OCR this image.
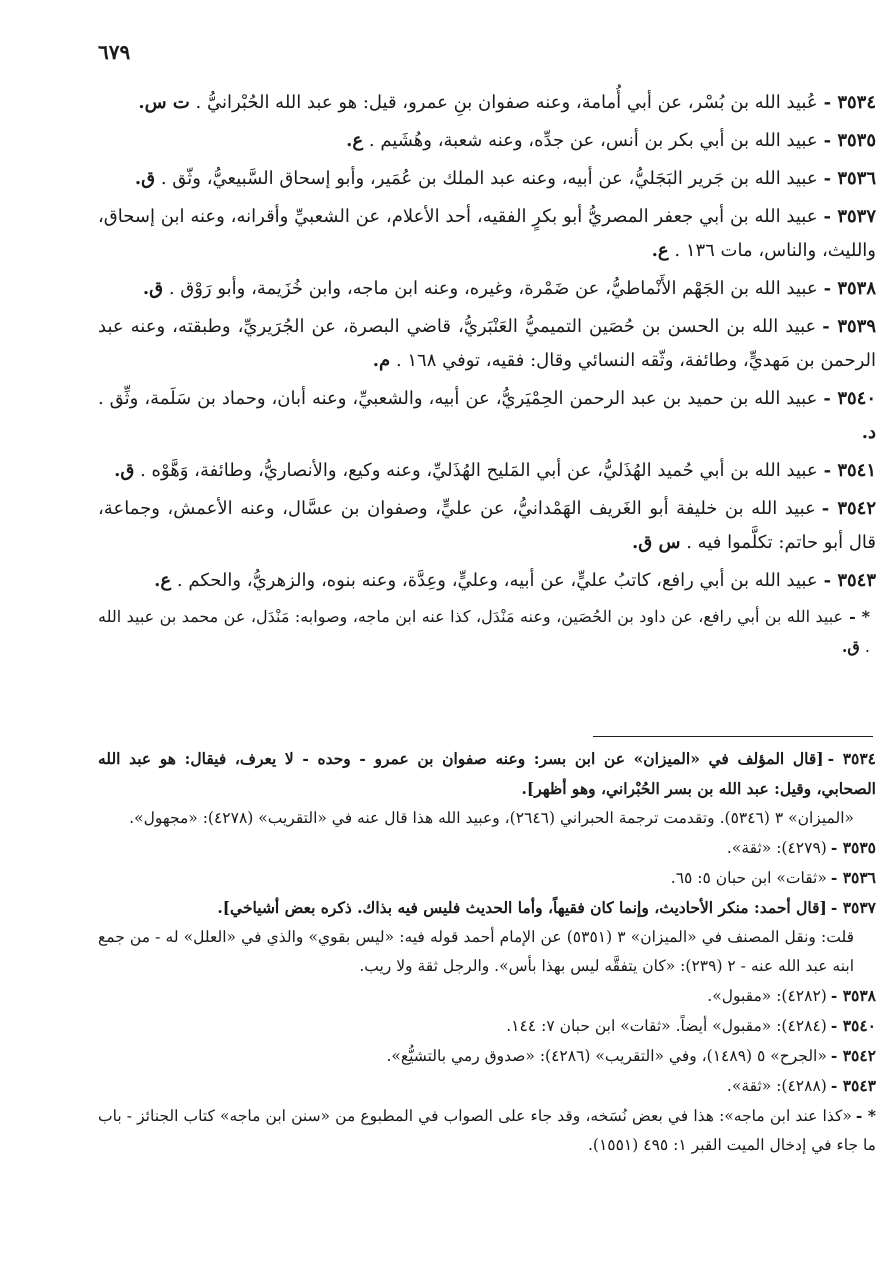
٦٧٩
٣٥٣٤ -عُبيد الله بن بُسْر، عن أبي أُمامة، وعنه صفوان بنِ عمرو، قيل: هو عبد الله الحُبْرانيُّ . ت س.
٣٥٣٥ -عبيد الله بن أبي بكر بن أنس، عن جدِّه، وعنه شعبة، وهُشَيم . ع.
٣٥٣٦ -عبيد الله بن جَرير البَجَليُّ، عن أبيه، وعنه عبد الملك بن عُمَير، وأبو إسحاق السَّبيعيُّ، وثّق . ق.
٣٥٣٧ -عبيد الله بن أبي جعفر المصريُّ أبو بكرٍ الفقيه، أحد الأعلام، عن الشعبيِّ وأقرانه، وعنه ابن إسحاق، والليث، والناس، مات ١٣٦ . ع.
٣٥٣٨ -عبيد الله بن الجَهْم الأَنْماطيُّ، عن ضَمْرة، وغيره، وعنه ابن ماجه، وابن خُزَيمة، وأبو رَوْق . ق.
٣٥٣٩ -عبيد الله بن الحسن بن حُصَين التميميُّ العَنْبَريُّ، قاضي البصرة، عن الجُرَيريِّ، وطبقته، وعنه عبد الرحمن بن مَهديٍّ، وطائفة، وثّقه النسائي وقال: فقيه، توفي ١٦٨ . م.
٣٥٤٠ -عبيد الله بن حميد بن عبد الرحمن الحِمْيَريُّ، عن أبيه، والشعبيِّ، وعنه أبان، وحماد بن سَلَمة، وثِّق . د.
٣٥٤١ -عبيد الله بن أبي حُميد الهُذَليُّ، عن أبي المَليح الهُذَليِّ، وعنه وكيع، والأنصاريُّ، وطائفة، وَهَّوْه . ق.
٣٥٤٢ -عبيد الله بن خليفة أبو الغَريف الهَمْدانيُّ، عن عليٍّ، وصفوان بن عسَّال، وعنه الأعمش، وجماعة، قال أبو حاتم: تكلَّموا فيه . س ق.
٣٥٤٣ -عبيد الله بن أبي رافع، كاتبُ عليٍّ، عن أبيه، وعليٍّ، وعِدَّة، وعنه بنوه، والزهريُّ، والحكم . ع.
* -عبيد الله بن أبي رافع، عن داود بن الحُصَين، وعنه مَنْدَل، كذا عنه ابن ماجه، وصوابه: مَنْدَل، عن محمد بن عبيد الله . ق.
٣٥٣٤ -[قال المؤلف في «الميزان» عن ابن بسر: وعنه صفوان بن عمرو - وحده - لا يعرف، فيقال: هو عبد الله الصحابي، وقيل: عبد الله بن بسر الحُبْراني، وهو أظهر].
«الميزان» ٣ (٥٣٤٦). وتقدمت ترجمة الحبراني (٢٦٤٦)، وعبيد الله هذا قال عنه في «التقريب» (٤٢٧٨): «مجهول».
٣٥٣٥ -(٤٢٧٩): «ثقة».
٣٥٣٦ -«ثقات» ابن حبان ٥: ٦٥.
٣٥٣٧ -[قال أحمد: منكر الأحاديث، وإنما كان فقيهاً، وأما الحديث فليس فيه بذاك. ذكره بعض أشياخي].
قلت: ونقل المصنف في «الميزان» ٣ (٥٣٥١) عن الإمام أحمد قوله فيه: «ليس بقوي» والذي في «العلل» له - من جمع ابنه عبد الله عنه - ٢ (٢٣٩): «كان يتفقَّه ليس بهذا بأس». والرجل ثقة ولا ريب.
٣٥٣٨ -(٤٢٨٢): «مقبول».
٣٥٤٠ -(٤٢٨٤): «مقبول» أيضاً. «ثقات» ابن حبان ٧: ١٤٤.
٣٥٤٢ -«الجرح» ٥ (١٤٨٩)، وفي «التقريب» (٤٢٨٦): «صدوق رمي بالتشيُّع».
٣٥٤٣ -(٤٢٨٨): «ثقة».
* -«كذا عند ابن ماجه»: هذا في بعض نُسَخه، وقد جاء على الصواب في المطبوع من «سنن ابن ماجه» كتاب الجنائز - باب ما جاء في إدخال الميت القبر ١: ٤٩٥ (١٥٥١).
